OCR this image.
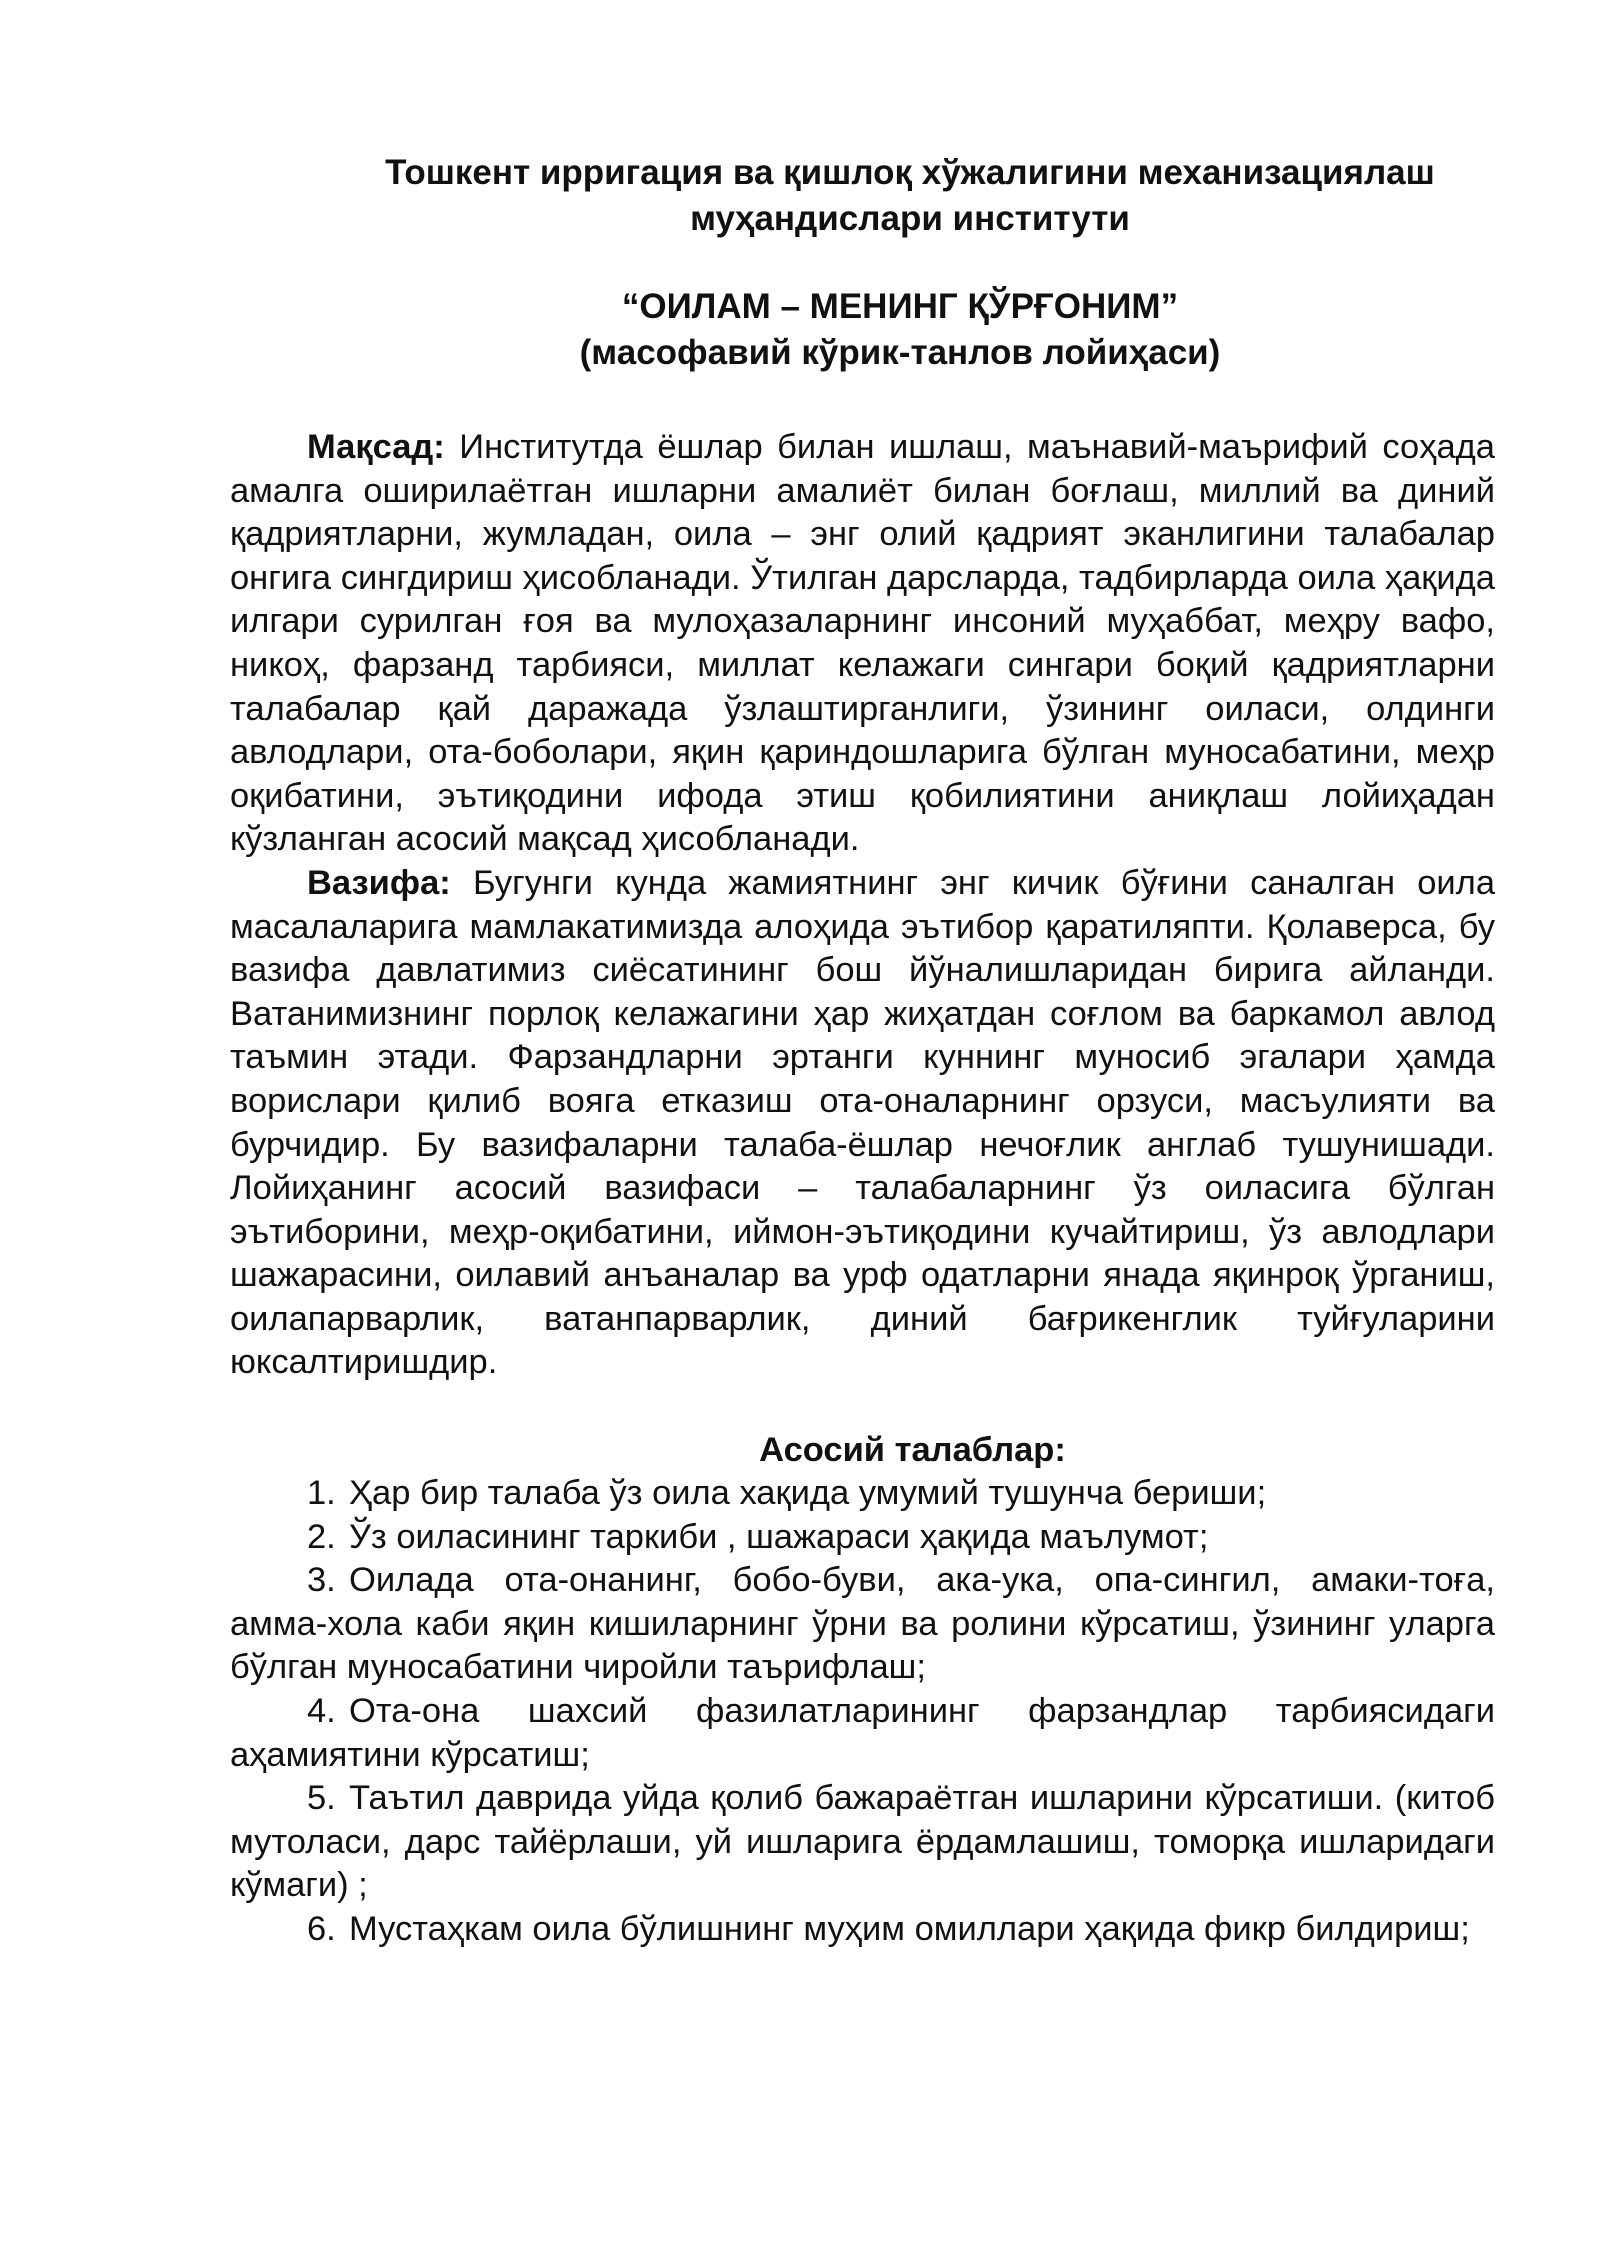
Тошкент ирригация ва қишлоқ хўжалигини механизациялаш
муҳандислари институти
“ОИЛАМ – МЕНИНГ ҚЎРҒОНИМ”
(масофавий кўрик-танлов лойиҳаси)

Мақсад: Институтда ёшлар билан ишлаш, маънавий-маърифий соҳада амалга оширилаётган ишларни амалиёт билан боғлаш, миллий ва диний қадриятларни, жумладан, оила – энг олий қадрият эканлигини талабалар онгига сингдириш ҳисобланади. Ўтилган дарсларда, тадбирларда оила ҳақида илгари сурилган ғоя ва мулоҳазаларнинг инсоний муҳаббат, меҳру вафо, никоҳ, фарзанд тарбияси, миллат келажаги сингари боқий қадриятларни талабалар қай даражада ўзлаштирганлиги, ўзининг оиласи, олдинги авлодлари, ота-боболари, яқин қариндошларига бўлган муносабатини, меҳр оқибатини, эътиқодини ифода этиш қобилиятини аниқлаш лойиҳадан кўзланган асосий мақсад ҳисобланади.

Вазифа: Бугунги кунда жамиятнинг энг кичик бўғини саналган оила масалаларига мамлакатимизда алоҳида эътибор қаратиляпти. Қолаверса, бу вазифа давлатимиз сиёсатининг бош йўналишларидан бирига айланди. Ватанимизнинг порлоқ келажагини ҳар жиҳатдан соғлом ва баркамол авлод таъмин этади. Фарзандларни эртанги куннинг муносиб эгалари ҳамда ворислари қилиб вояга етказиш ота-оналарнинг орзуси, масъулияти ва бурчидир. Бу вазифаларни талаба-ёшлар нечоғлик англаб тушунишади. Лойиҳанинг асосий вазифаси – талабаларнинг ўз оиласига бўлган эътиборини, меҳр-оқибатини, иймон-эътиқодини кучайтириш, ўз авлодлари шажарасини, оилавий анъаналар ва урф одатларни янада яқинроқ ўрганиш, оилапарварлик, ватанпарварлик, диний бағрикенглик туйғуларини юксалтиришдир.

Асосий талаблар:

1. Ҳар бир талаба ўз оила хақида умумий тушунча бериши;

2. Ўз оиласининг таркиби , шажараси ҳақида маълумот;

3. Оилада ота-онанинг, бобо-буви, ака-ука, опа-сингил, амаки-тоға, амма-хола каби яқин кишиларнинг ўрни ва ролини кўрсатиш, ўзининг уларга бўлган муносабатини чиройли таърифлаш;

4. Ота-она шахсий фазилатларининг фарзандлар тарбиясидаги аҳамиятини кўрсатиш;

5. Таътил даврида уйда қолиб бажараётган ишларини кўрсатиши. (китоб мутоласи, дарс тайёрлаши, уй ишларига ёрдамлашиш, томорқа ишларидаги кўмаги) ;

6. Мустаҳкам оила бўлишнинг муҳим омиллари ҳақида фикр билдириш;
